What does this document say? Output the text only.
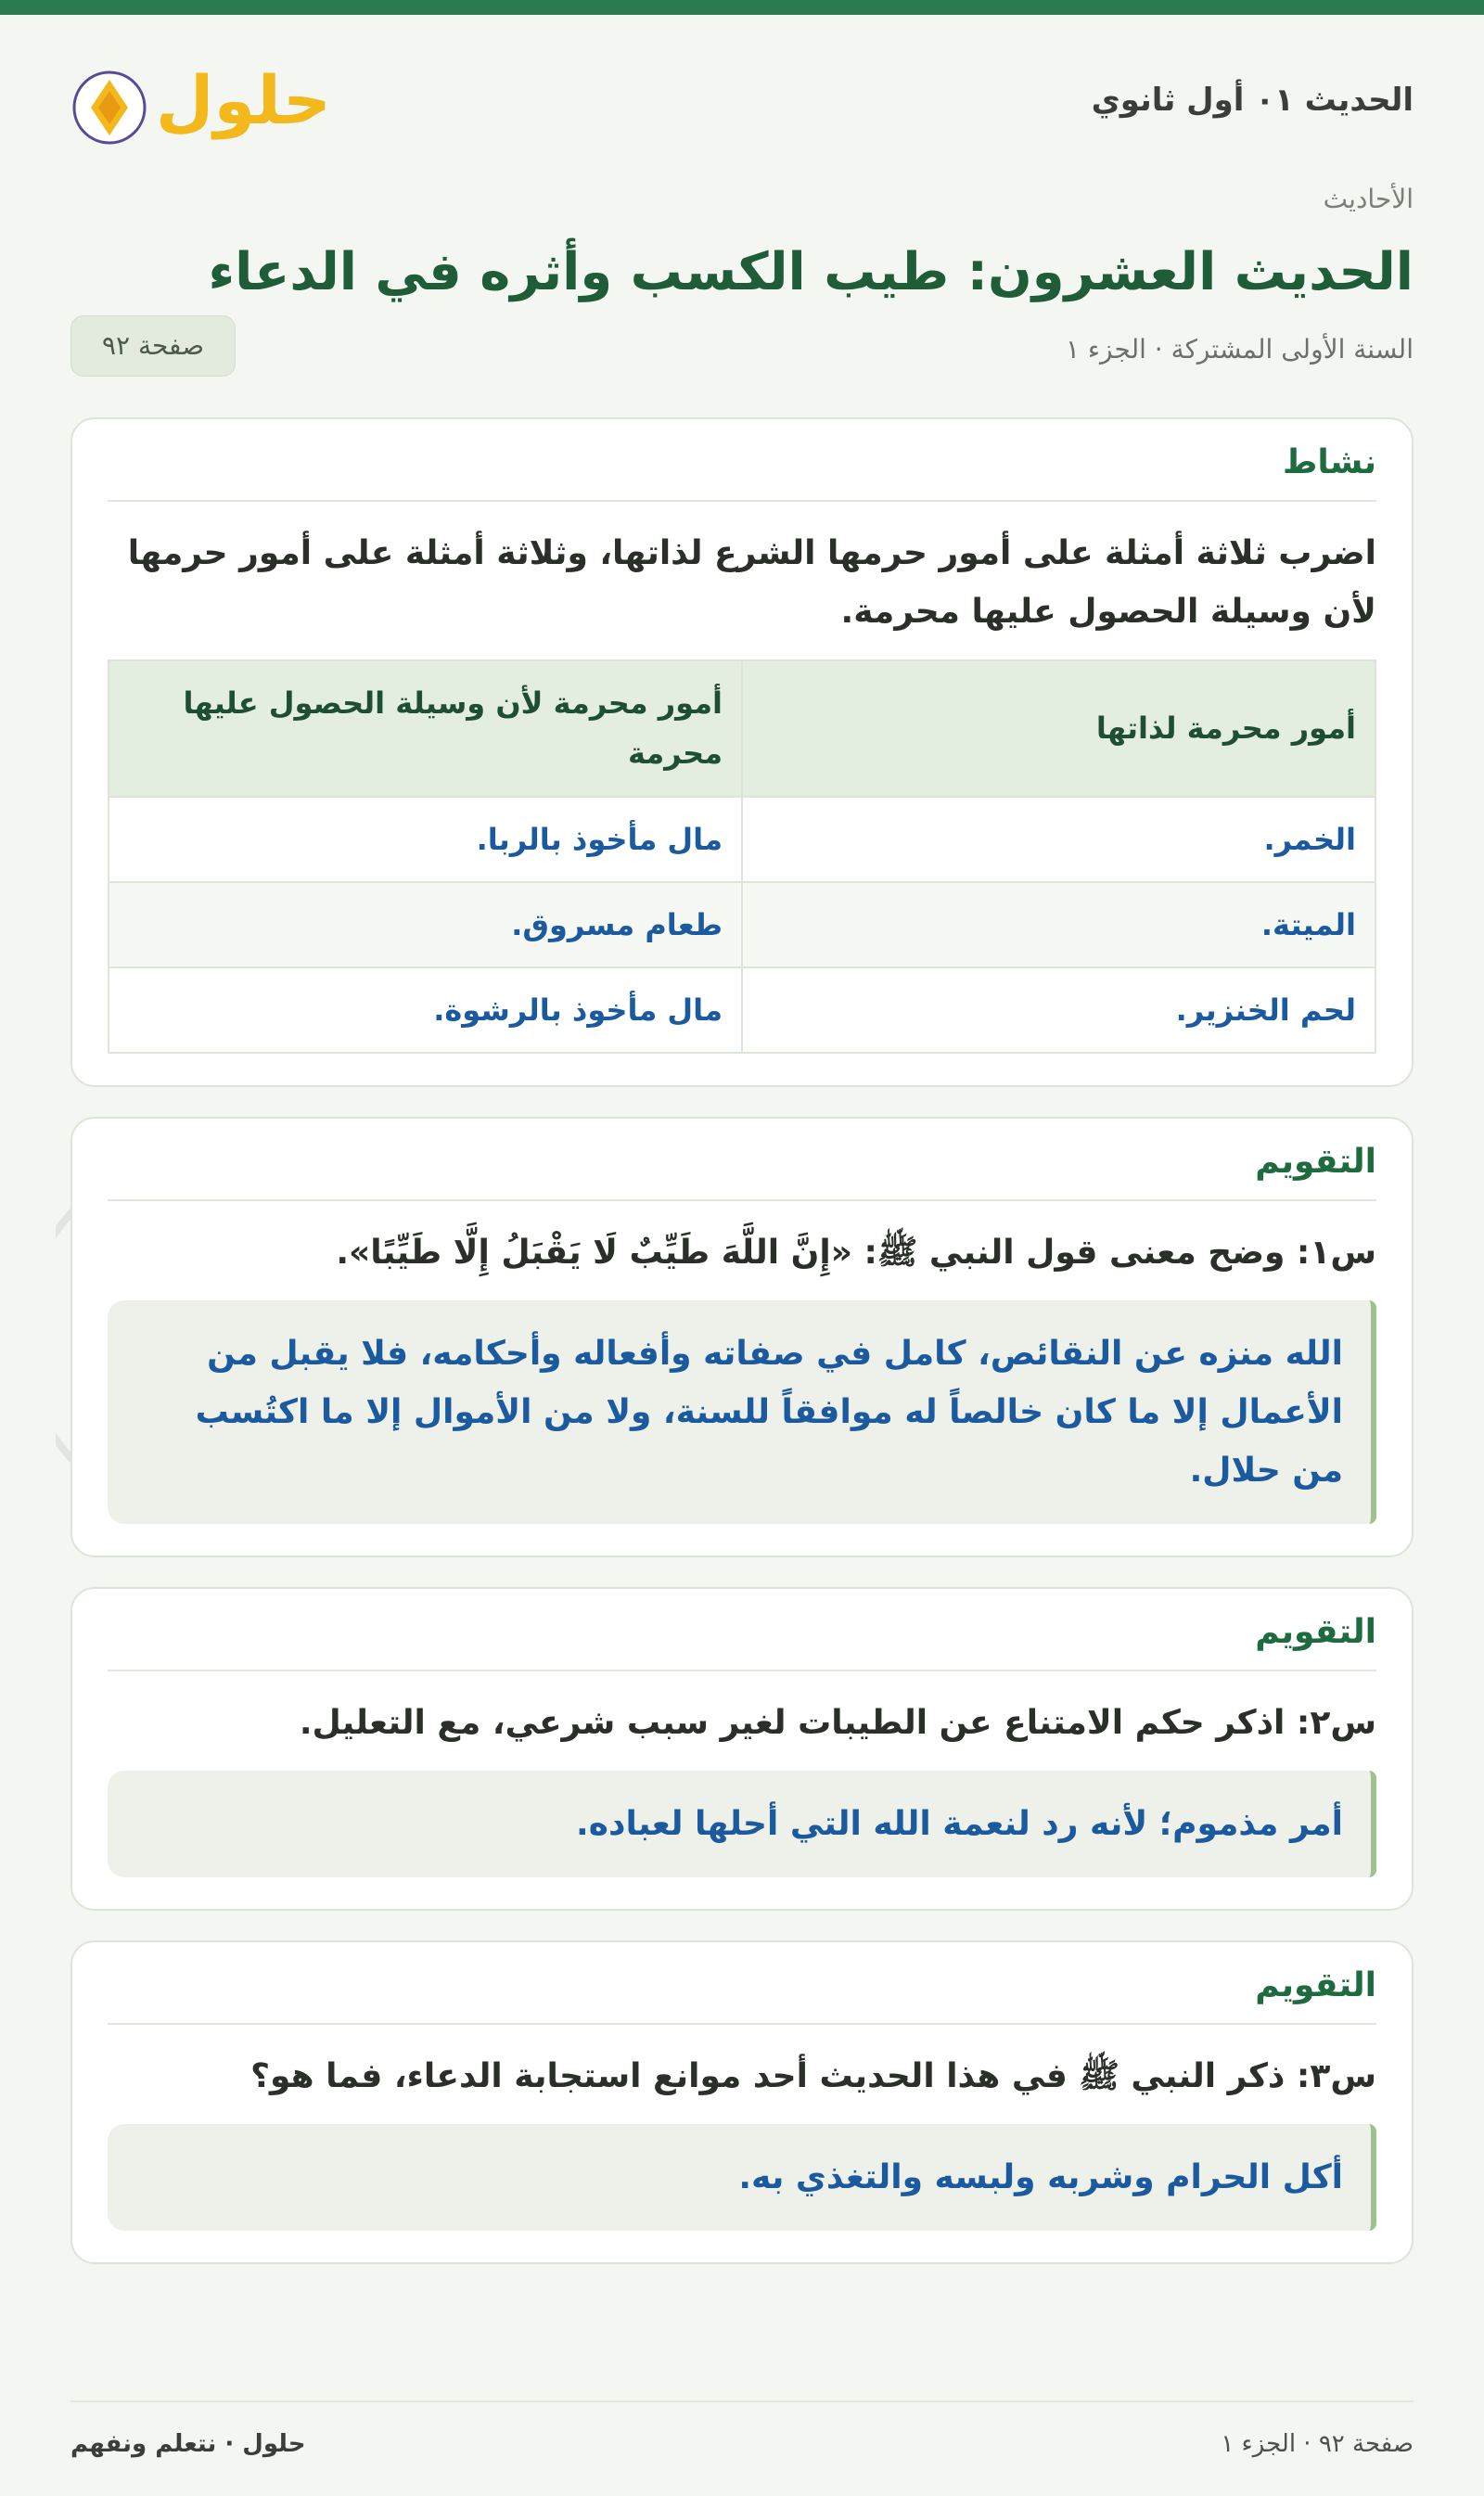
الحديث ٠١ أول ثانوي
حلول
الأحاديث
الحديث العشرون: طيب الكسب وأثره في الدعاء
السنة الأولى المشتركة · الجزء ١
صفحة ٩٢
نشاط

اضرب ثلاثة أمثلة على أمور حرمها الشرع لذاتها، وثلاثة أمثلة على أمور حرمها لأن وسيلة الحصول عليها محرمة.

أمور محرمة لذاتها	أمور محرمة لأن وسيلة الحصول عليها محرمة
الخمر.	مال مأخوذ بالربا.
الميتة.	طعام مسروق.
لحم الخنزير.	مال مأخوذ بالرشوة.
التقويم

س١: وضح معنى قول النبي ﷺ: «إِنَّ اللَّهَ طَيِّبٌ لَا يَقْبَلُ إِلَّا طَيِّبًا».

الله منزه عن النقائص، كامل في صفاته وأفعاله وأحكامه، فلا يقبل من الأعمال إلا ما كان خالصاً له موافقاً للسنة، ولا من الأموال إلا ما اكتُسب من حلال.
التقويم

س٢: اذكر حكم الامتناع عن الطيبات لغير سبب شرعي، مع التعليل.

أمر مذموم؛ لأنه رد لنعمة الله التي أحلها لعباده.
التقويم

س٣: ذكر النبي ﷺ في هذا الحديث أحد موانع استجابة الدعاء، فما هو؟

أكل الحرام وشربه ولبسه والتغذي به.
صفحة ٩٢ · الجزء ١
حلول · نتعلم ونفهم
